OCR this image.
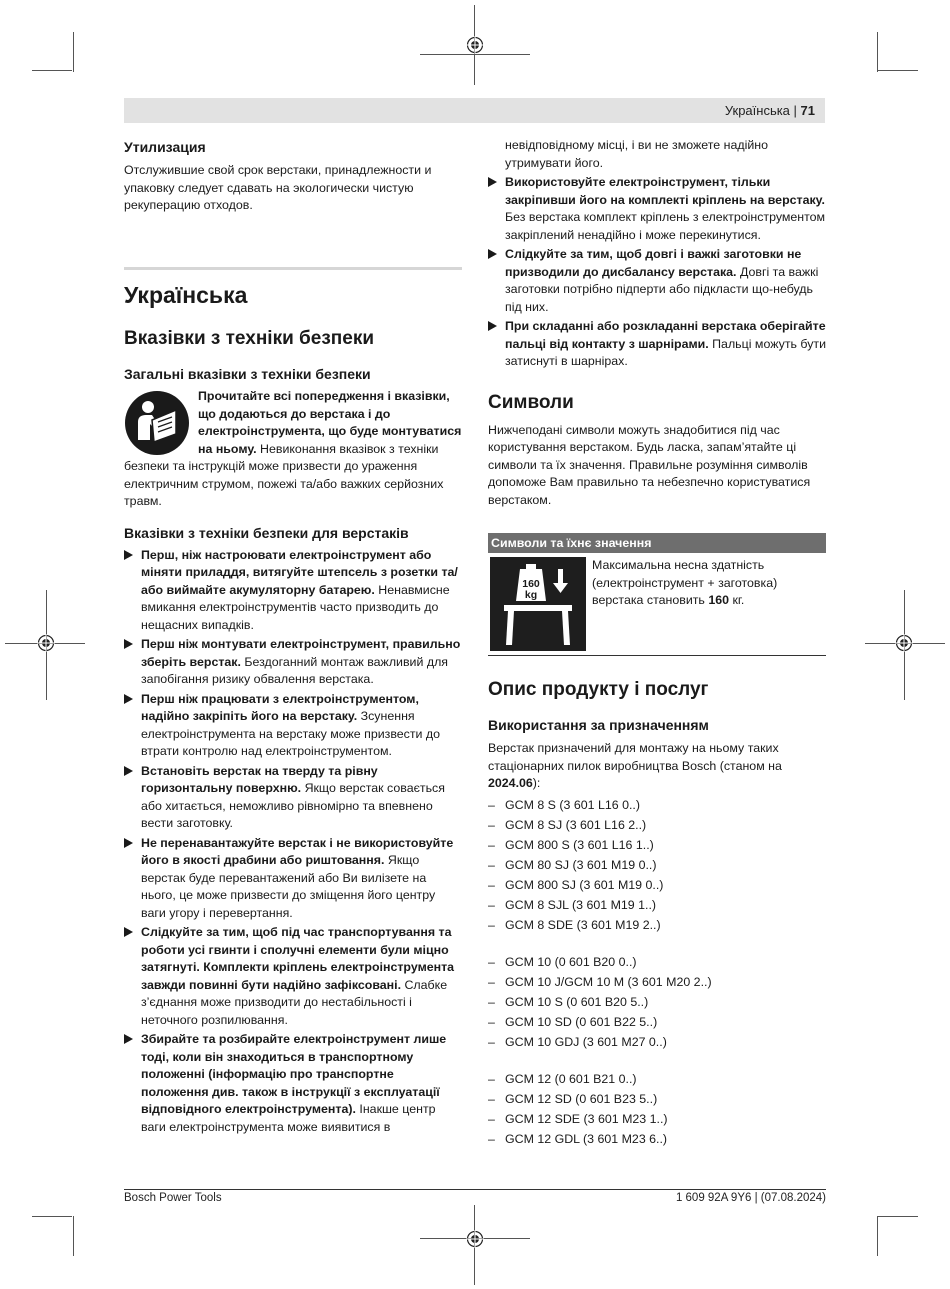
Українська | 71
Утилизация

Отслужившие свой срок верстаки, принадлежности и упаковку следует сдавать на экологически чистую рекуперацию отходов.

Українська
Вказівки з техніки безпеки
Загальні вказівки з техніки безпеки

Прочитайте всі попередження і вказівки, що додаються до верстака і до електроінструмента, що буде монтуватися на ньому. Невиконання вказівок з техніки безпеки та інструкцій може призвести до ураження електричним струмом, пожежі та/або важких серйозних травм.

Вказівки з техніки безпеки для верстаків

Перш, ніж настроювати електроінструмент або міняти приладдя, витягуйте штепсель з розетки та/або виймайте акумуляторну батарею. Ненавмисне вмикання електроінструментів часто призводить до нещасних випадків.

Перш ніж монтувати електроінструмент, правильно зберіть верстак. Бездоганний монтаж важливий для запобігання ризику обвалення верстака.

Перш ніж працювати з електроінструментом, надійно закріпіть його на верстаку. Зсунення електроінструмента на верстаку може призвести до втрати контролю над електроінструментом.

Встановіть верстак на тверду та рівну горизонтальну поверхню. Якщо верстак совається або хитається, неможливо рівномірно та впевнено вести заготовку.

Не перенавантажуйте верстак і не використовуйте його в якості драбини або риштовання. Якщо верстак буде перевантажений або Ви вилізете на нього, це може призвести до зміщення його центру ваги угору і перевертання.

Слідкуйте за тим, щоб під час транспортування та роботи усі гвинти і сполучні елементи були міцно затягнуті. Комплекти кріплень електроінструмента завжди повинні бути надійно зафіксовані. Слабке з’єднання може призводити до нестабільності і неточного розпилювання.

Збирайте та розбирайте електроінструмент лише тоді, коли він знаходиться в транспортному положенні (інформацію про транспортне положення див. також в інструкції з експлуатації відповідного електроінструмента). Інакше центр ваги електроінструмента може виявитися в

невідповідному місці, і ви не зможете надійно утримувати його.

Використовуйте електроінструмент, тільки закріпивши його на комплекті кріплень на верстаку. Без верстака комплект кріплень з електроінструментом закріплений ненадійно і може перекинутися.

Слідкуйте за тим, щоб довгі і важкі заготовки не призводили до дисбалансу верстака. Довгі та важкі заготовки потрібно підперти або підкласти що-небудь під них.

При складанні або розкладанні верстака оберігайте пальці від контакту з шарнірами. Пальці можуть бути затиснуті в шарнірах.

Символи

Нижчеподані символи можуть знадобитися під час користування верстаком. Будь ласка, запам’ятайте ці символи та їх значення. Правильне розуміння символів допоможе Вам правильно та небезпечно користуватися верстаком.

Символи та їхнє значення
160
kg

Максимальна несна здатність (електроінструмент + заготовка) верстака становить 160 кг.

Опис продукту і послуг
Використання за призначенням

Верстак призначений для монтажу на ньому таких стаціонарних пилок виробництва Bosch (станом на 2024.06):

– GCM 8 S (3 601 L16 0..)
– GCM 8 SJ (3 601 L16 2..)
– GCM 800 S (3 601 L16 1..)
– GCM 80 SJ (3 601 M19 0..)
– GCM 800 SJ (3 601 M19 0..)
– GCM 8 SJL (3 601 M19 1..)
– GCM 8 SDE (3 601 M19 2..)
– GCM 10 (0 601 B20 0..)
– GCM 10 J/GCM 10 M (3 601 M20 2..)
– GCM 10 S (0 601 B20 5..)
– GCM 10 SD (0 601 B22 5..)
– GCM 10 GDJ (3 601 M27 0..)
– GCM 12 (0 601 B21 0..)
– GCM 12 SD (0 601 B23 5..)
– GCM 12 SDE (3 601 M23 1..)
– GCM 12 GDL (3 601 M23 6..)
Bosch Power Tools	1 609 92A 9Y6 | (07.08.2024)
